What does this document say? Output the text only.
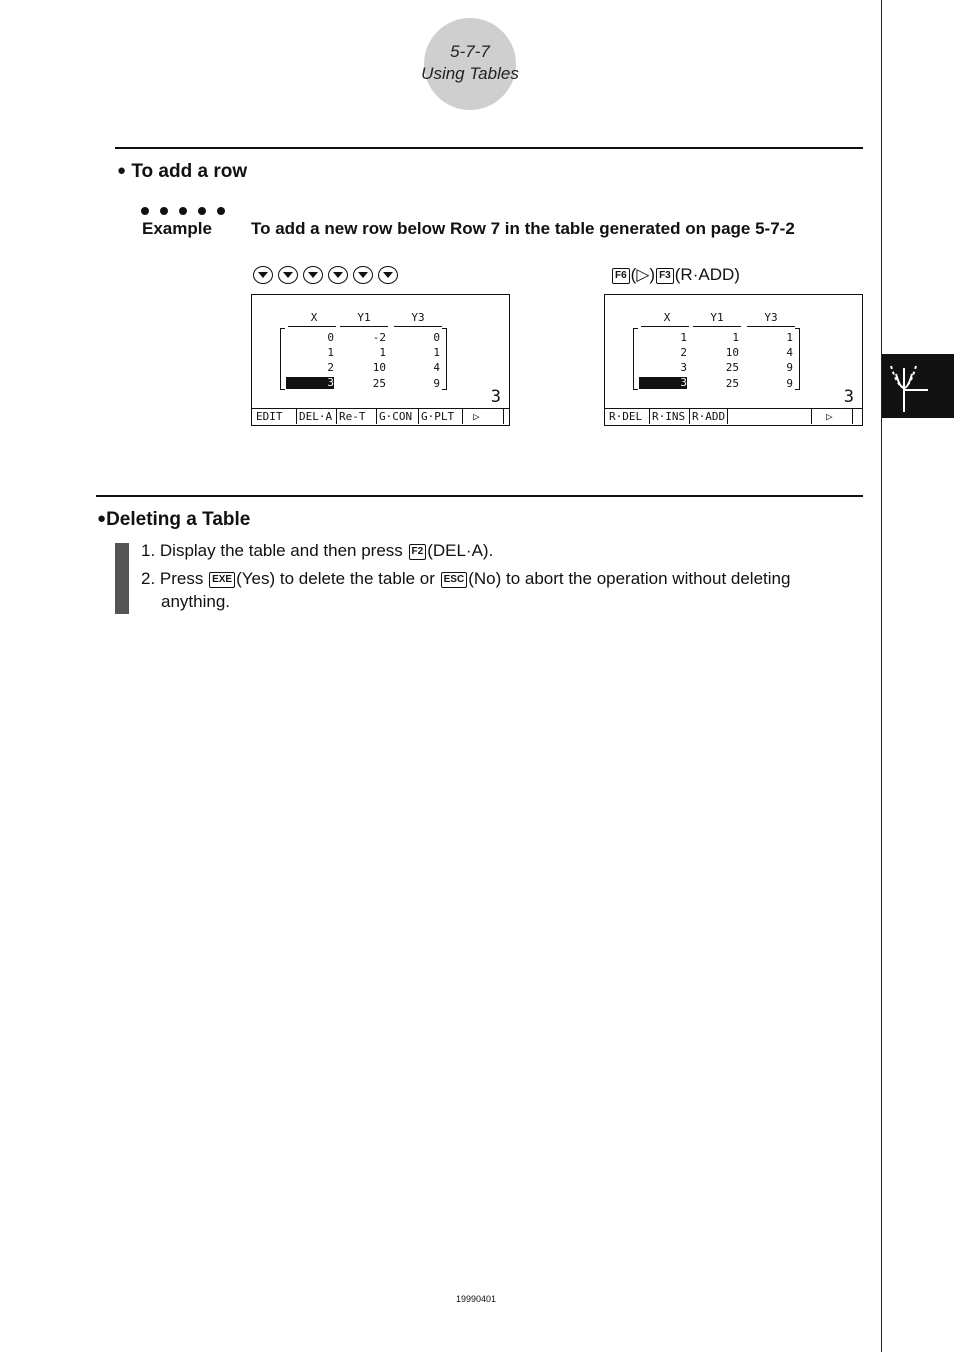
5-7-7
Using Tables
● To add a row
Example To add a new row below Row 7 in the table generated on page 5-7-2
F6 (▷) F3 (R·ADD)
X	Y1	Y3
0	-2	0
1	1	1
2	10	4
3	25	9
3
EDIT DEL·A Re-T G·CON G·PLT	▷
X	Y1	Y3
1	1	1
2	10	4
3	25	9
3	25	9
3
R·DEL R·INS R·ADD	▷
●Deleting a Table
1. Display the table and then press F2 (DEL·A).
2. Press EXE (Yes) to delete the table or ESC (No) to abort the operation without deleting
anything.
19990401
